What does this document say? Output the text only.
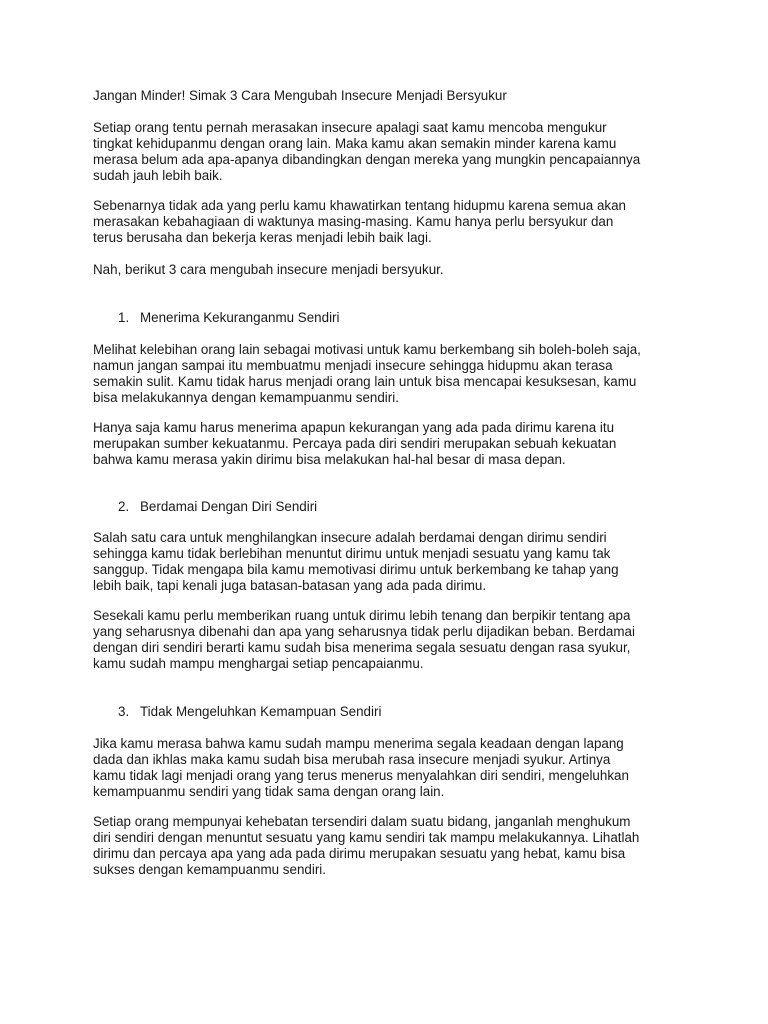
Jangan Minder! Simak 3 Cara Mengubah Insecure Menjadi Bersyukur

Setiap orang tentu pernah merasakan insecure apalagi saat kamu mencoba mengukur
tingkat kehidupanmu dengan orang lain. Maka kamu akan semakin minder karena kamu
merasa belum ada apa-apanya dibandingkan dengan mereka yang mungkin pencapaiannya
sudah jauh lebih baik.

Sebenarnya tidak ada yang perlu kamu khawatirkan tentang hidupmu karena semua akan
merasakan kebahagiaan di waktunya masing-masing. Kamu hanya perlu bersyukur dan
terus berusaha dan bekerja keras menjadi lebih baik lagi.

Nah, berikut 3 cara mengubah insecure menjadi bersyukur.

1. Menerima Kekuranganmu Sendiri

Melihat kelebihan orang lain sebagai motivasi untuk kamu berkembang sih boleh-boleh saja,
namun jangan sampai itu membuatmu menjadi insecure sehingga hidupmu akan terasa
semakin sulit. Kamu tidak harus menjadi orang lain untuk bisa mencapai kesuksesan, kamu
bisa melakukannya dengan kemampuanmu sendiri.

Hanya saja kamu harus menerima apapun kekurangan yang ada pada dirimu karena itu
merupakan sumber kekuatanmu. Percaya pada diri sendiri merupakan sebuah kekuatan
bahwa kamu merasa yakin dirimu bisa melakukan hal-hal besar di masa depan.

2. Berdamai Dengan Diri Sendiri

Salah satu cara untuk menghilangkan insecure adalah berdamai dengan dirimu sendiri
sehingga kamu tidak berlebihan menuntut dirimu untuk menjadi sesuatu yang kamu tak
sanggup. Tidak mengapa bila kamu memotivasi dirimu untuk berkembang ke tahap yang
lebih baik, tapi kenali juga batasan-batasan yang ada pada dirimu.

Sesekali kamu perlu memberikan ruang untuk dirimu lebih tenang dan berpikir tentang apa
yang seharusnya dibenahi dan apa yang seharusnya tidak perlu dijadikan beban. Berdamai
dengan diri sendiri berarti kamu sudah bisa menerima segala sesuatu dengan rasa syukur,
kamu sudah mampu menghargai setiap pencapaianmu.

3. Tidak Mengeluhkan Kemampuan Sendiri

Jika kamu merasa bahwa kamu sudah mampu menerima segala keadaan dengan lapang
dada dan ikhlas maka kamu sudah bisa merubah rasa insecure menjadi syukur. Artinya
kamu tidak lagi menjadi orang yang terus menerus menyalahkan diri sendiri, mengeluhkan
kemampuanmu sendiri yang tidak sama dengan orang lain.

Setiap orang mempunyai kehebatan tersendiri dalam suatu bidang, janganlah menghukum
diri sendiri dengan menuntut sesuatu yang kamu sendiri tak mampu melakukannya. Lihatlah
dirimu dan percaya apa yang ada pada dirimu merupakan sesuatu yang hebat, kamu bisa
sukses dengan kemampuanmu sendiri.
